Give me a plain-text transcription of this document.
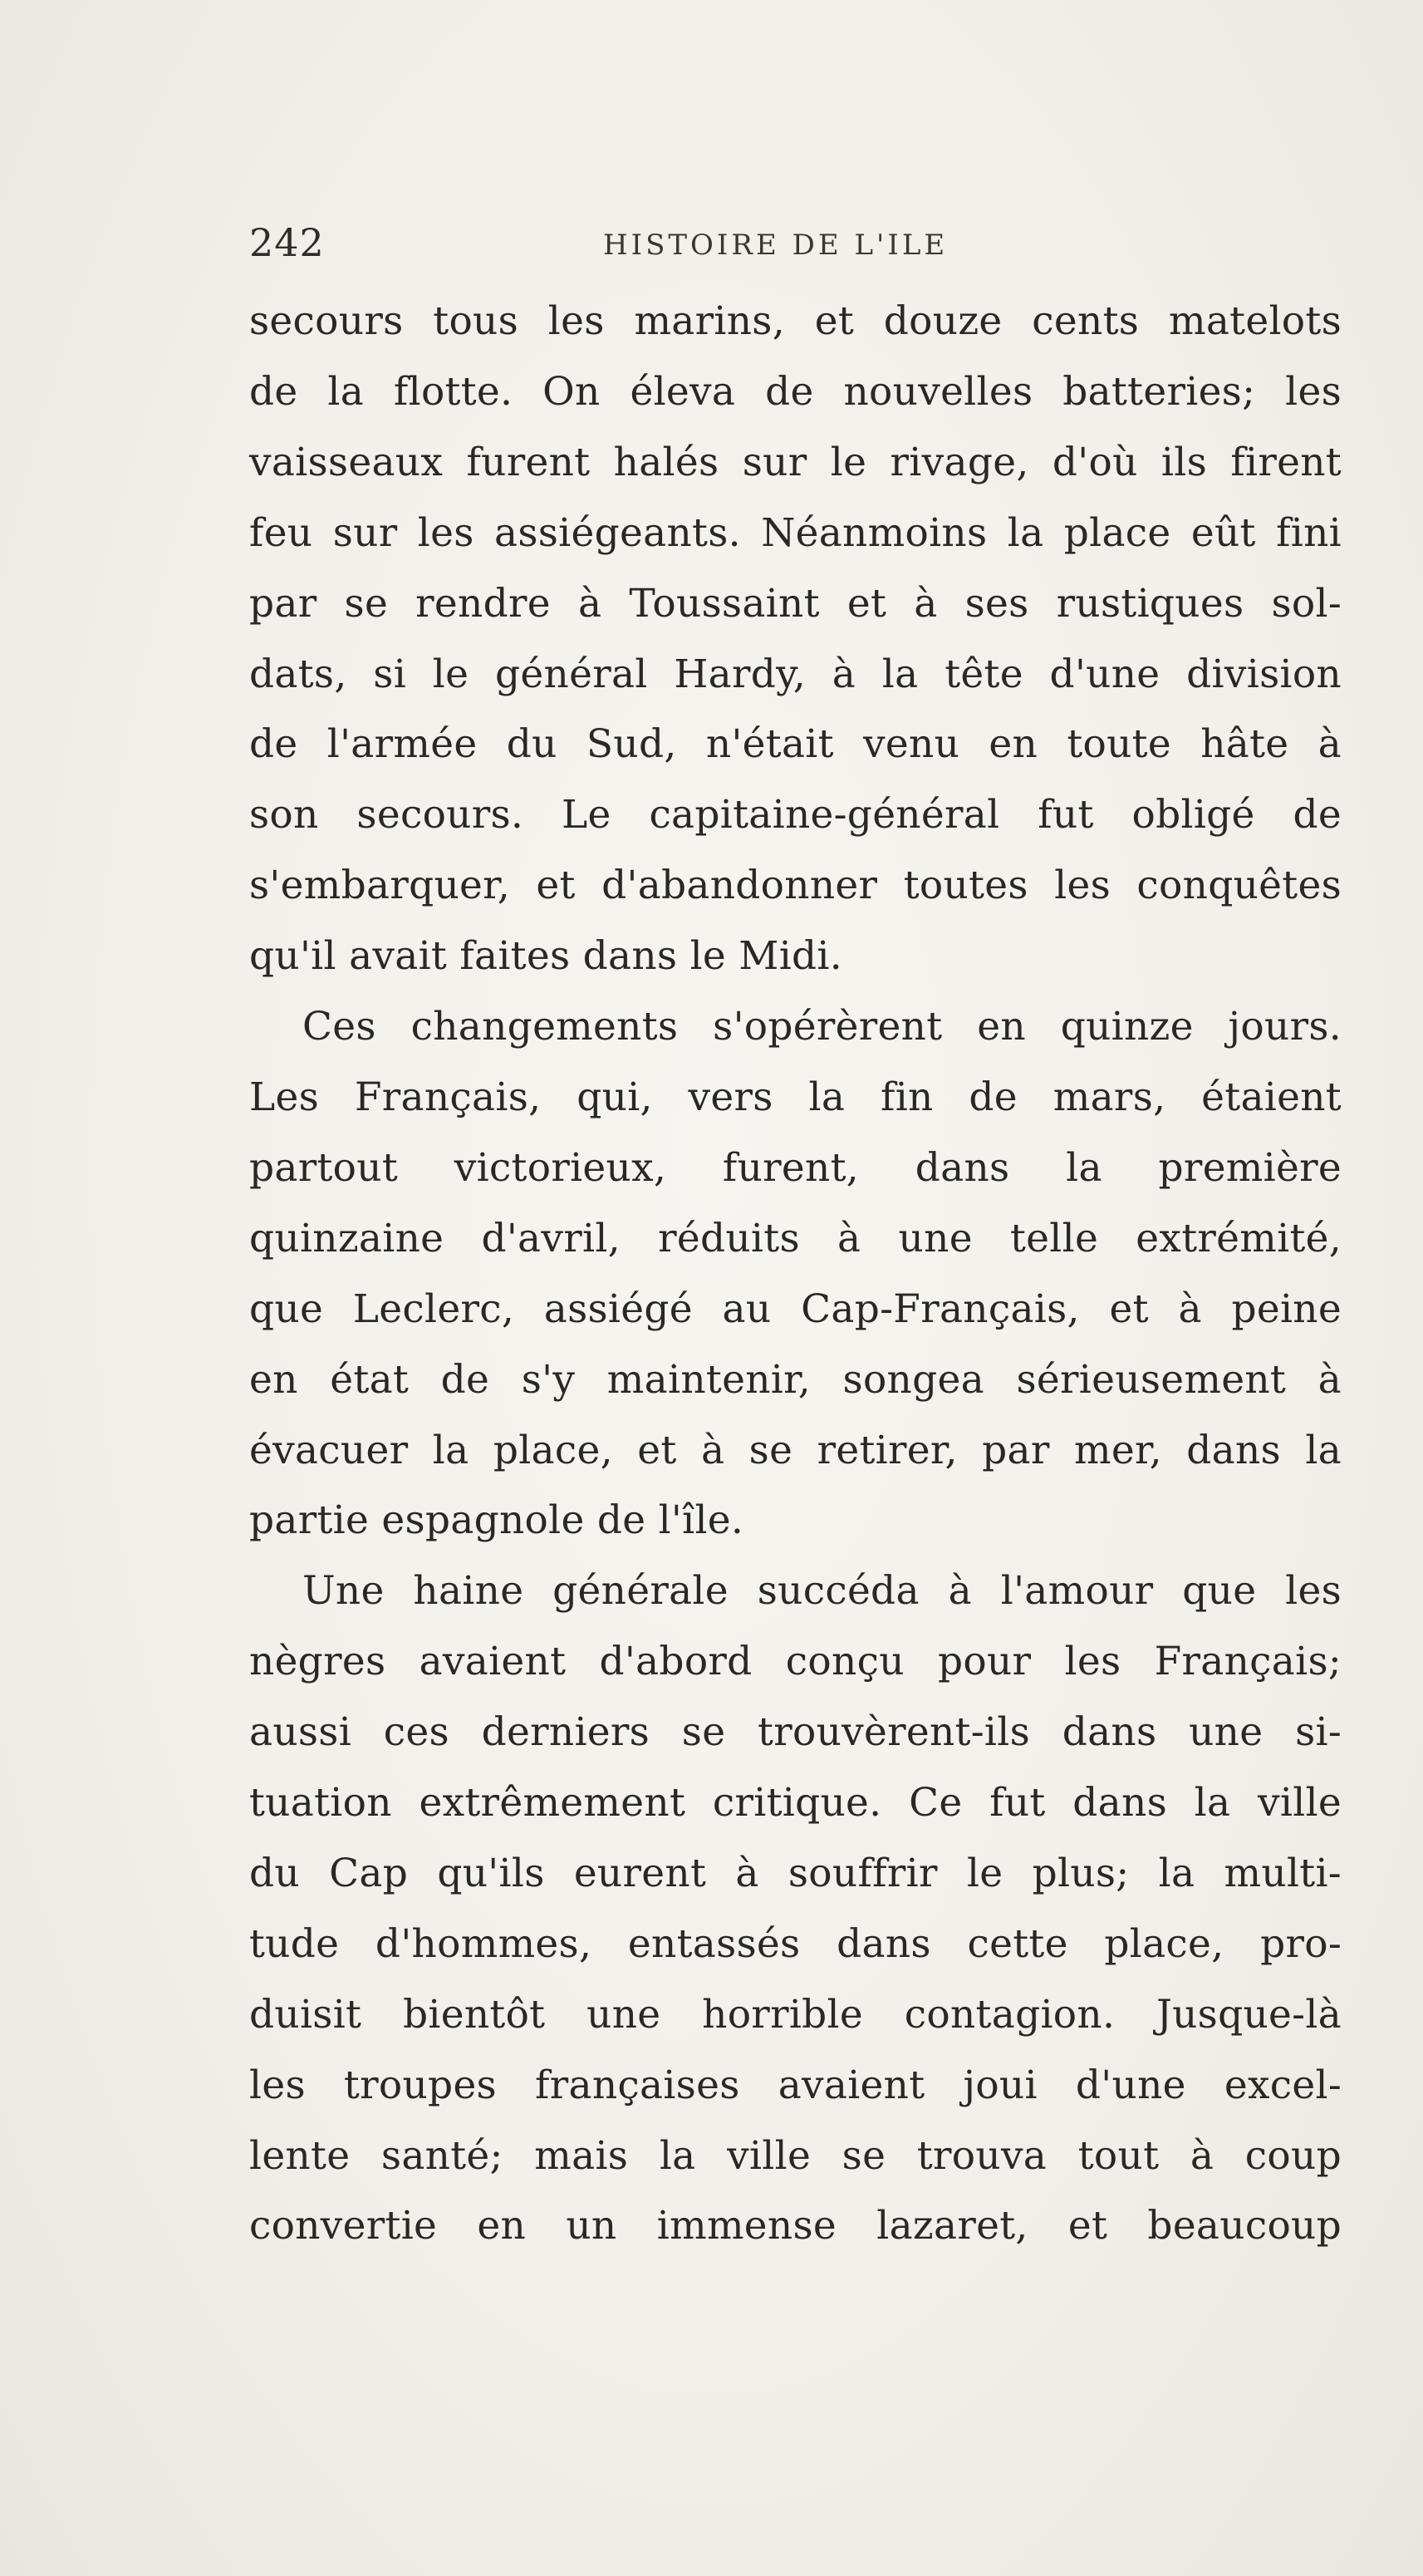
242	HISTOIRE DE L'ILE

secours tous les marins, et douze cents matelots
de la flotte. On éleva de nouvelles batteries; les
vaisseaux furent halés sur le rivage, d'où ils firent
feu sur les assiégeants. Néanmoins la place eût fini
par se rendre à Toussaint et à ses rustiques sol-
dats, si le général Hardy, à la tête d'une division
de l'armée du Sud, n'était venu en toute hâte à
son secours. Le capitaine-général fut obligé de
s'embarquer, et d'abandonner toutes les conquêtes
qu'il avait faites dans le Midi.

Ces changements s'opérèrent en quinze jours.
Les Français, qui, vers la fin de mars, étaient
partout victorieux, furent, dans la première
quinzaine d'avril, réduits à une telle extrémité,
que Leclerc, assiégé au Cap-Français, et à peine
en état de s'y maintenir, songea sérieusement à
évacuer la place, et à se retirer, par mer, dans la
partie espagnole de l'île.

Une haine générale succéda à l'amour que les
nègres avaient d'abord conçu pour les Français;
aussi ces derniers se trouvèrent-ils dans une si-
tuation extrêmement critique. Ce fut dans la ville
du Cap qu'ils eurent à souffrir le plus; la multi-
tude d'hommes, entassés dans cette place, pro-
duisit bientôt une horrible contagion. Jusque-là
les troupes françaises avaient joui d'une excel-
lente santé; mais la ville se trouva tout à coup
convertie en un immense lazaret, et beaucoup
